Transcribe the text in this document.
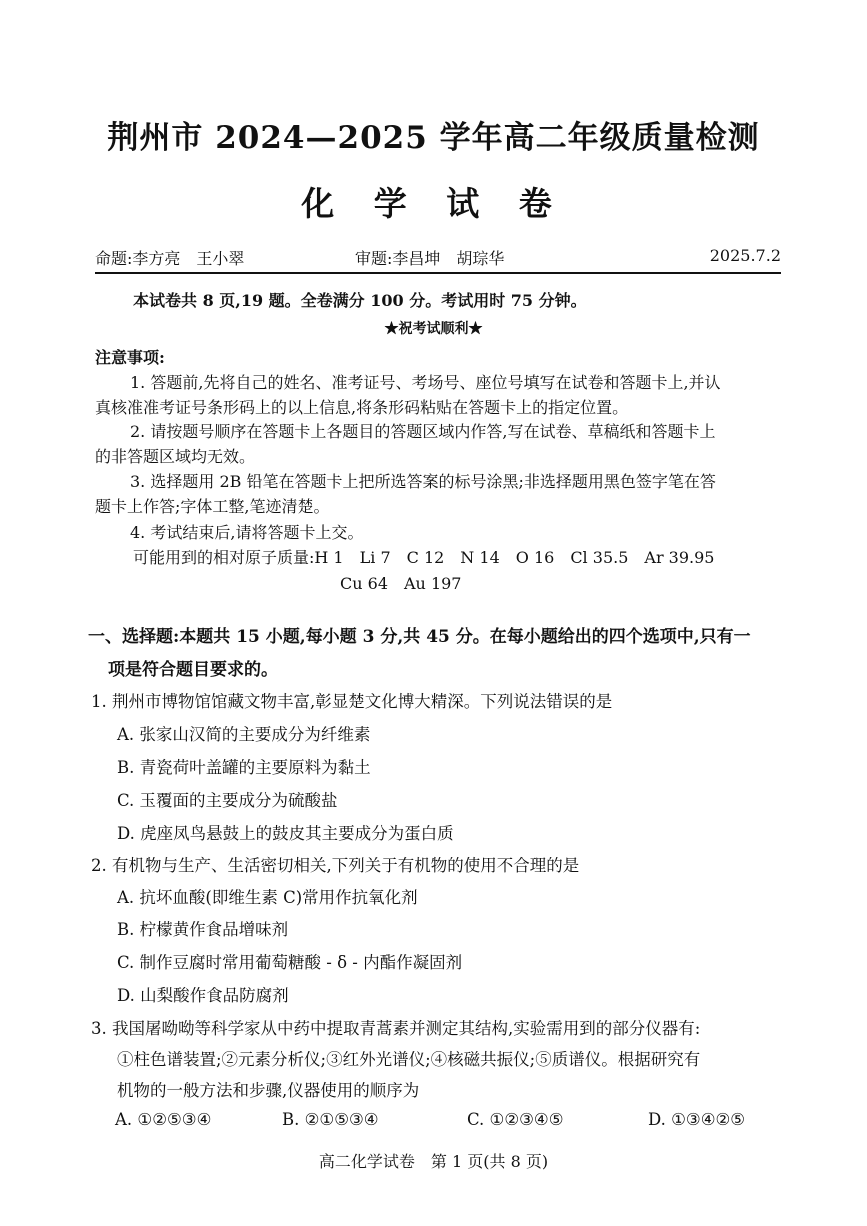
荆州市 2024—2025 学年高二年级质量检测
化 学 试 卷
命题:李方亮　王小翠	审题:李昌坤　胡琮华	2025.7.2
本试卷共 8 页,19 题。全卷满分 100 分。考试用时 75 分钟。
★祝考试顺利★
注意事项:
1. 答题前,先将自己的姓名、准考证号、考场号、座位号填写在试卷和答题卡上,并认
真核准准考证号条形码上的以上信息,将条形码粘贴在答题卡上的指定位置。
2. 请按题号顺序在答题卡上各题目的答题区域内作答,写在试卷、草稿纸和答题卡上
的非答题区域均无效。
3. 选择题用 2B 铅笔在答题卡上把所选答案的标号涂黑;非选择题用黑色签字笔在答
题卡上作答;字体工整,笔迹清楚。
4. 考试结束后,请将答题卡上交。
可能用到的相对原子质量:H 1　Li 7　C 12　N 14　O 16　Cl 35.5　Ar 39.95
Cu 64　Au 197
一、选择题:本题共 15 小题,每小题 3 分,共 45 分。在每小题给出的四个选项中,只有一
项是符合题目要求的。
1. 荆州市博物馆馆藏文物丰富,彰显楚文化博大精深。下列说法错误的是
A. 张家山汉简的主要成分为纤维素
B. 青瓷荷叶盖罐的主要原料为黏土
C. 玉覆面的主要成分为硫酸盐
D. 虎座凤鸟悬鼓上的鼓皮其主要成分为蛋白质
2. 有机物与生产、生活密切相关,下列关于有机物的使用不合理的是
A. 抗坏血酸(即维生素 C)常用作抗氧化剂
B. 柠檬黄作食品增味剂
C. 制作豆腐时常用葡萄糖酸 - δ - 内酯作凝固剂
D. 山梨酸作食品防腐剂
3. 我国屠呦呦等科学家从中药中提取青蒿素并测定其结构,实验需用到的部分仪器有:
①柱色谱装置;②元素分析仪;③红外光谱仪;④核磁共振仪;⑤质谱仪。根据研究有
机物的一般方法和步骤,仪器使用的顺序为
A. ①②⑤③④	B. ②①⑤③④	C. ①②③④⑤	D. ①③④②⑤
高二化学试卷　第 1 页(共 8 页)
